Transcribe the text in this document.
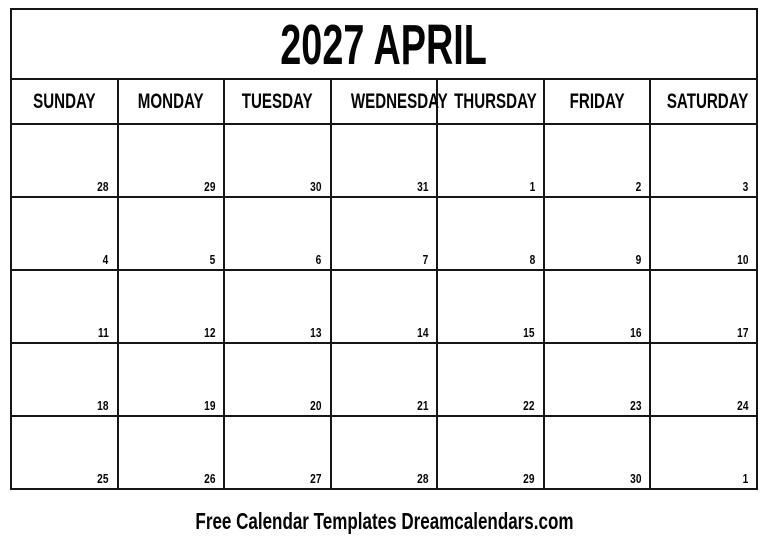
2027 APRIL						
SUNDAY	MONDAY	TUESDAY	WEDNESDAY	THURSDAY	FRIDAY	SATURDAY

28	29	30	31	1	2	3

4	5	6	7	8	9	10

11	12	13	14	15	16	17

18	19	20	21	22	23	24

25	26	27	28	29	30	1
Free Calendar Templates Dreamcalendars.com
